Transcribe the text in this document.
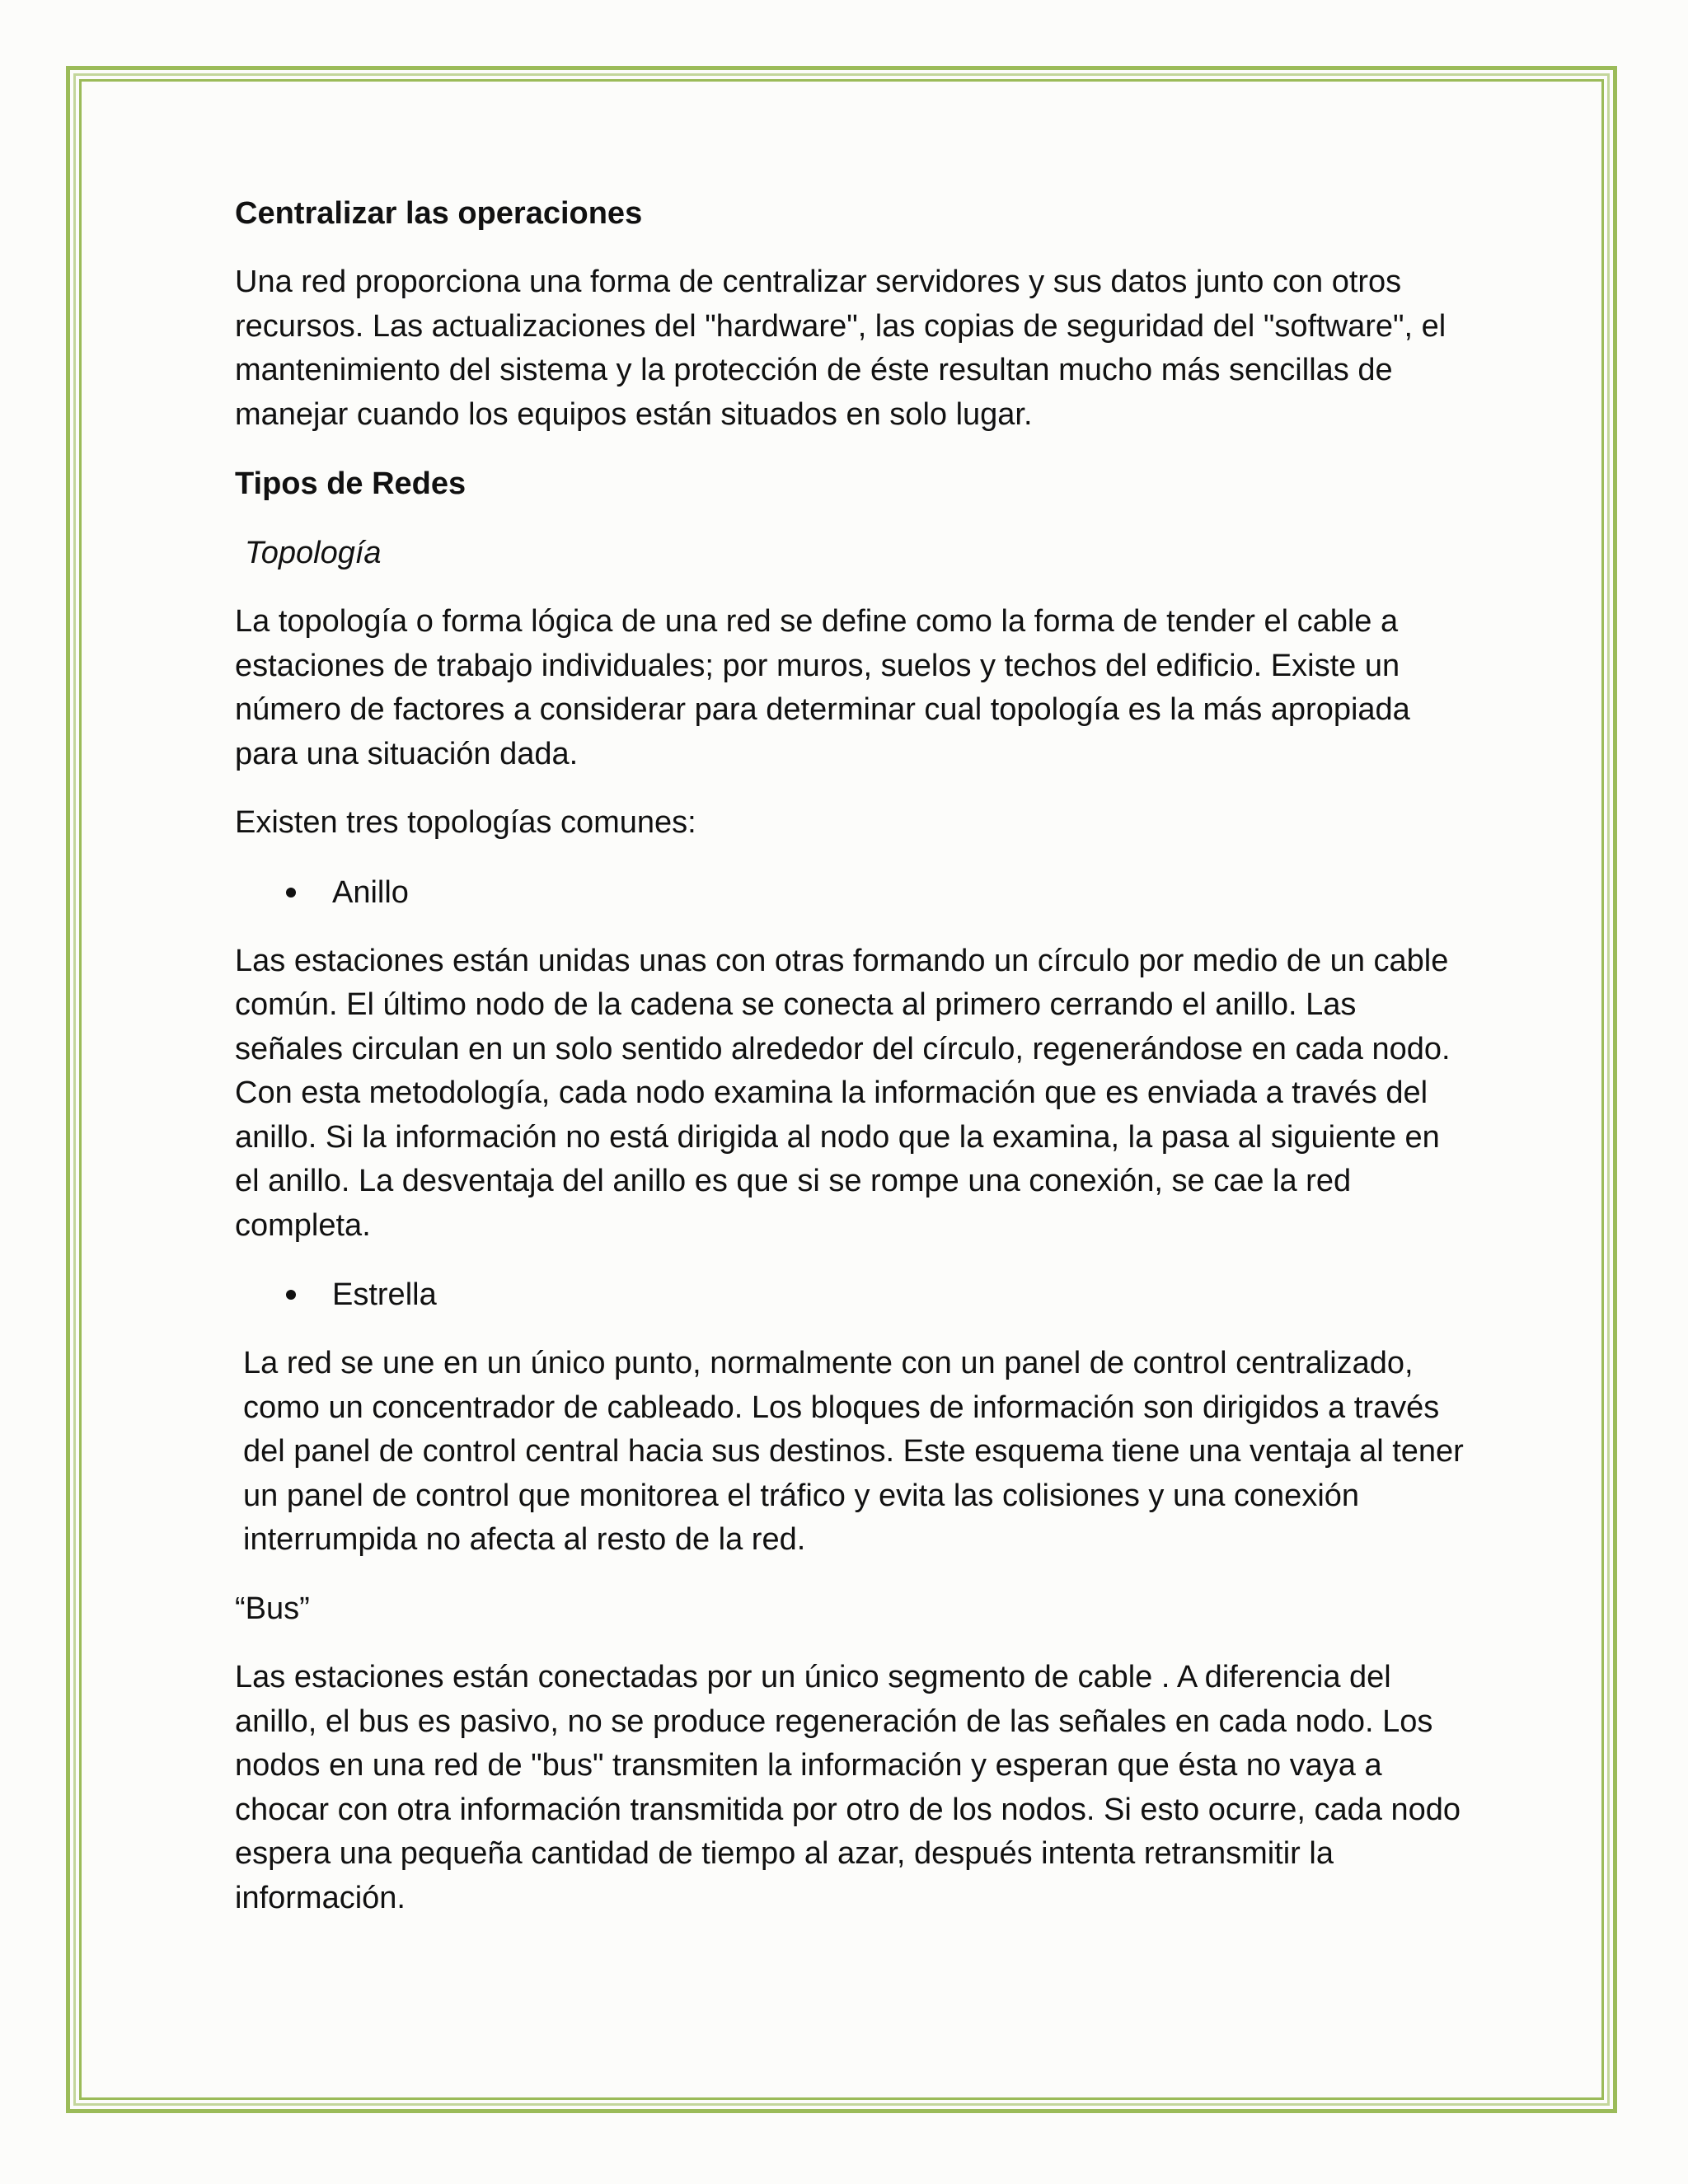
Centralizar las operaciones

Una red proporciona una forma de centralizar servidores y sus datos junto con otros recursos. Las actualizaciones del "hardware", las copias de seguridad del "software", el mantenimiento del sistema y la protección de éste resultan mucho más sencillas de manejar cuando los equipos están situados en solo lugar.

Tipos de Redes
Topología

La topología o forma lógica de una red se define como la forma de tender el cable a estaciones de trabajo individuales; por muros, suelos y techos del edificio. Existe un número de factores a considerar para determinar cual topología es la más apropiada para una situación dada.

Existen tres topologías comunes:

Anillo

Las estaciones están unidas unas con otras formando un círculo por medio de un cable común. El último nodo de la cadena se conecta al primero cerrando el anillo. Las señales circulan en un solo sentido alrededor del círculo, regenerándose en cada nodo. Con esta metodología, cada nodo examina la información que es enviada a través del anillo. Si la información no está dirigida al nodo que la examina, la pasa al siguiente en el anillo. La desventaja del anillo es que si se rompe una conexión, se cae la red completa.

Estrella

La red se une en un único punto, normalmente con un panel de control centralizado, como un concentrador de cableado. Los bloques de información son dirigidos a través del panel de control central hacia sus destinos. Este esquema tiene una ventaja al tener un panel de control que monitorea el tráfico y evita las colisiones y una conexión interrumpida no afecta al resto de la red.

“Bus”

Las estaciones están conectadas por un único segmento de cable . A diferencia del anillo, el bus es pasivo, no se produce regeneración de las señales en cada nodo. Los nodos en una red de "bus" transmiten la información y esperan que ésta no vaya a chocar con otra información transmitida por otro de los nodos. Si esto ocurre, cada nodo espera una pequeña cantidad de tiempo al azar, después intenta retransmitir la información.
